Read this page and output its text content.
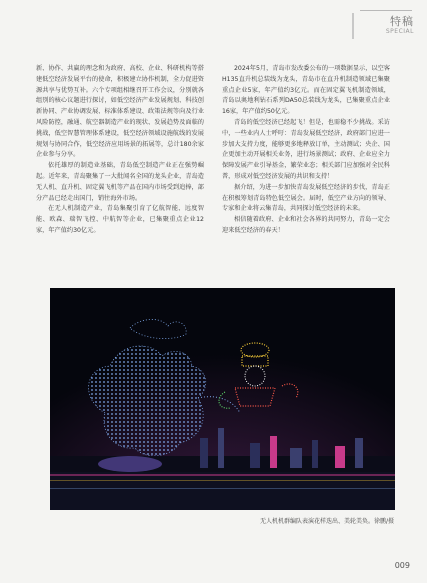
特稿
SPECIAL

新、协作、共赢的理念和为政府、高校、企业、科研机构等搭建低空经济发展平台的使命，积极建立协作机制，全力促进资源共享与优势互补。六个专项组相继召开工作会议，分别就各组别的核心议题进行探讨，如低空经济产业发展规划、科技创新协同、产业协调发展、标准体系建设、政策法规等向及行业风险防控，融通、航空器制造产业的现状、发展趋势及面临的挑战，低空智慧管理体系建设，低空经济领域设施航线的发展规划与协同合作，低空经济应用场景的拓展等，总计180余家企业参与分享。

依托雄厚的制造业基础，青岛低空制造产业正在强势崛起。近年来，青岛聚集了一大批闻名全国的龙头企业，青岛造无人机、直升机、固定翼飞机等产品在国内市场受到追捧，部分产品已经走出国门，销往海外市场。

在无人机制造产业，青岛集聚引育了亿航智能、远度智能、欧森、瑞智飞控、中航智等企业，已集聚重点企业12家，年产值约30亿元。

2024年5月，青岛市发改委公布的一项数据显示，以空客H135直升机总装线为龙头，青岛市在直升机制造领域已集聚重点企业5家，年产值约3亿元。而在固定翼飞机制造领域，青岛以奥地利钻石系列DA50总装线为龙头，已集聚重点企业16家，年产值约50亿元。

青岛的低空经济已经起飞！但是，也需稳不少挑战。采访中，一些业内人士呼吁：青岛发展低空经济，政府部门应进一步加大支持力度，能够更多地释放订单，主动测试；央企、国企更加主动开展相关业务，进行场景测试；政府、企业应全力保障发展产业引导基金，繁荣业态；相关部门应加强对全民科普，形成对低空经济发展的共识和支持！

据介绍，为进一步加快青岛发展低空经济的步伐，青岛正在积极筹划青岛特色低空展会。届时，低空产业方向的领导、专家和企业将云集青岛，共同探讨低空经济的未来。

相信随着政府、企业和社会各界的共同努力，青岛一定会迎来低空经济的春天！

无人机机群编队表演花样迭出、美轮美奂。徐鹏/摄
009
